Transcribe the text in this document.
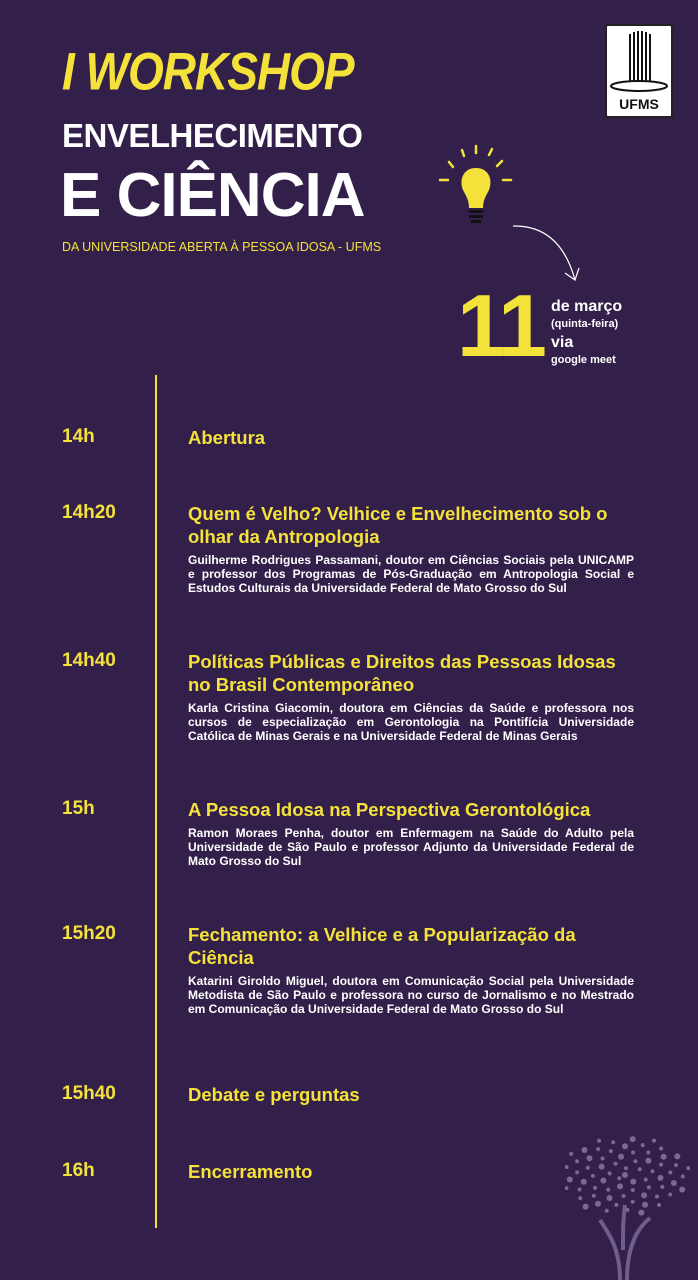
I WORKSHOP
ENVELHECIMENTO
E CIÊNCIA
DA UNIVERSIDADE ABERTA À PESSOA IDOSA - UFMS
UFMS
11 de março
(quinta-feira)
via
google meet
14h	Abertura
14h20	Quem é Velho? Velhice e Envelhecimento sob o olhar da Antropologia
Guilherme Rodrigues Passamani, doutor em Ciências Sociais pela UNICAMP e professor dos Programas de Pós-Graduação em Antropologia Social e Estudos Culturais da Universidade Federal de Mato Grosso do Sul
14h40	Políticas Públicas e Direitos das Pessoas Idosas no Brasil Contemporâneo
Karla Cristina Giacomin, doutora em Ciências da Saúde e professora nos cursos de especialização em Gerontologia na Pontifícia Universidade Católica de Minas Gerais e na Universidade Federal de Minas Gerais
15h	A Pessoa Idosa na Perspectiva Gerontológica
Ramon Moraes Penha, doutor em Enfermagem na Saúde do Adulto pela Universidade de São Paulo e professor Adjunto da Universidade Federal de Mato Grosso do Sul
15h20	Fechamento: a Velhice e a Popularização da Ciência
Katarini Giroldo Miguel, doutora em Comunicação Social pela Universidade Metodista de São Paulo e professora no curso de Jornalismo e no Mestrado em Comunicação da Universidade Federal de Mato Grosso do Sul
15h40	Debate e perguntas
16h	Encerramento
